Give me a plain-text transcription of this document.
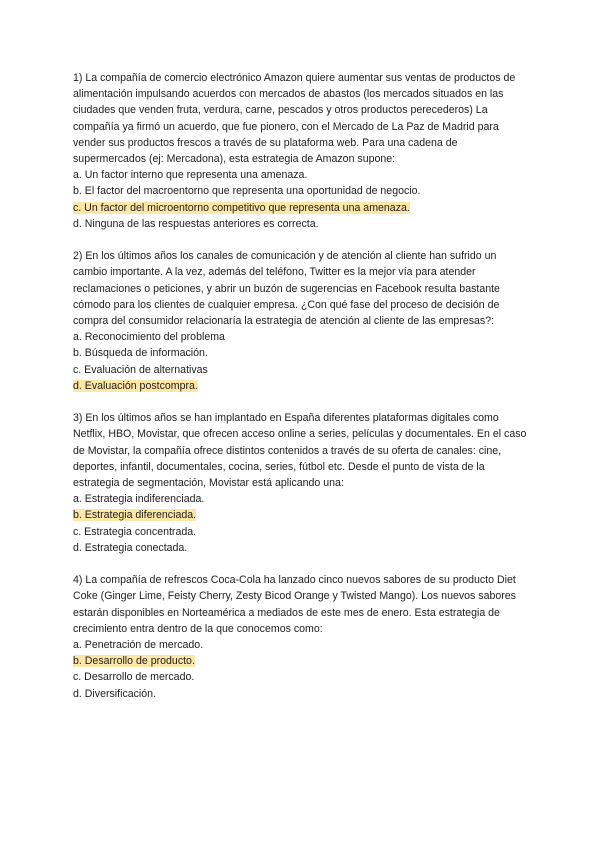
1) La compañía de comercio electrónico Amazon quiere aumentar sus ventas de productos de alimentación impulsando acuerdos con mercados de abastos (los mercados situados en las ciudades que venden fruta, verdura, carne, pescados y otros productos perecederos) La compañía ya firmó un acuerdo, que fue pionero, con el Mercado de La Paz de Madrid para vender sus productos frescos a través de su plataforma web. Para una cadena de supermercados (ej: Mercadona), esta estrategia de Amazon supone:

a. Un factor interno que representa una amenaza.

b. El factor del macroentorno que representa una oportunidad de negocio.

c. Un factor del microentorno competitivo que representa una amenaza.

d. Ninguna de las respuestas anteriores es correcta.

2) En los últimos años los canales de comunicación y de atención al cliente han sufrido un cambio importante. A la vez, además del teléfono, Twitter es la mejor vía para atender reclamaciones o peticiones, y abrir un buzón de sugerencias en Facebook resulta bastante cómodo para los clientes de cualquier empresa. ¿Con qué fase del proceso de decisión de compra del consumidor relacionaría la estrategia de atención al cliente de las empresas?:

a. Reconocimiento del problema

b. Búsqueda de información.

c. Evaluación de alternativas

d. Evaluación postcompra.

3) En los últimos años se han implantado en España diferentes plataformas digitales como Netflix, HBO, Movistar, que ofrecen acceso online a series, películas y documentales. En el caso de Movistar, la compañía ofrece distintos contenidos a través de su oferta de canales: cine, deportes, infantil, documentales, cocina, series, fútbol etc. Desde el punto de vista de la estrategia de segmentación, Movistar está aplicando una:

a. Estrategia indiferenciada.

b. Estrategia diferenciada.

c. Estrategia concentrada.

d. Estrategia conectada.

4) La compañía de refrescos Coca-Cola ha lanzado cinco nuevos sabores de su producto Diet Coke (Ginger Lime, Feisty Cherry, Zesty Bicod Orange y Twisted Mango). Los nuevos sabores estarán disponibles en Norteamérica a mediados de este mes de enero. Esta estrategia de crecimiento entra dentro de la que conocemos como:

a. Penetración de mercado.

b. Desarrollo de producto.

c. Desarrollo de mercado.

d. Diversificación.
